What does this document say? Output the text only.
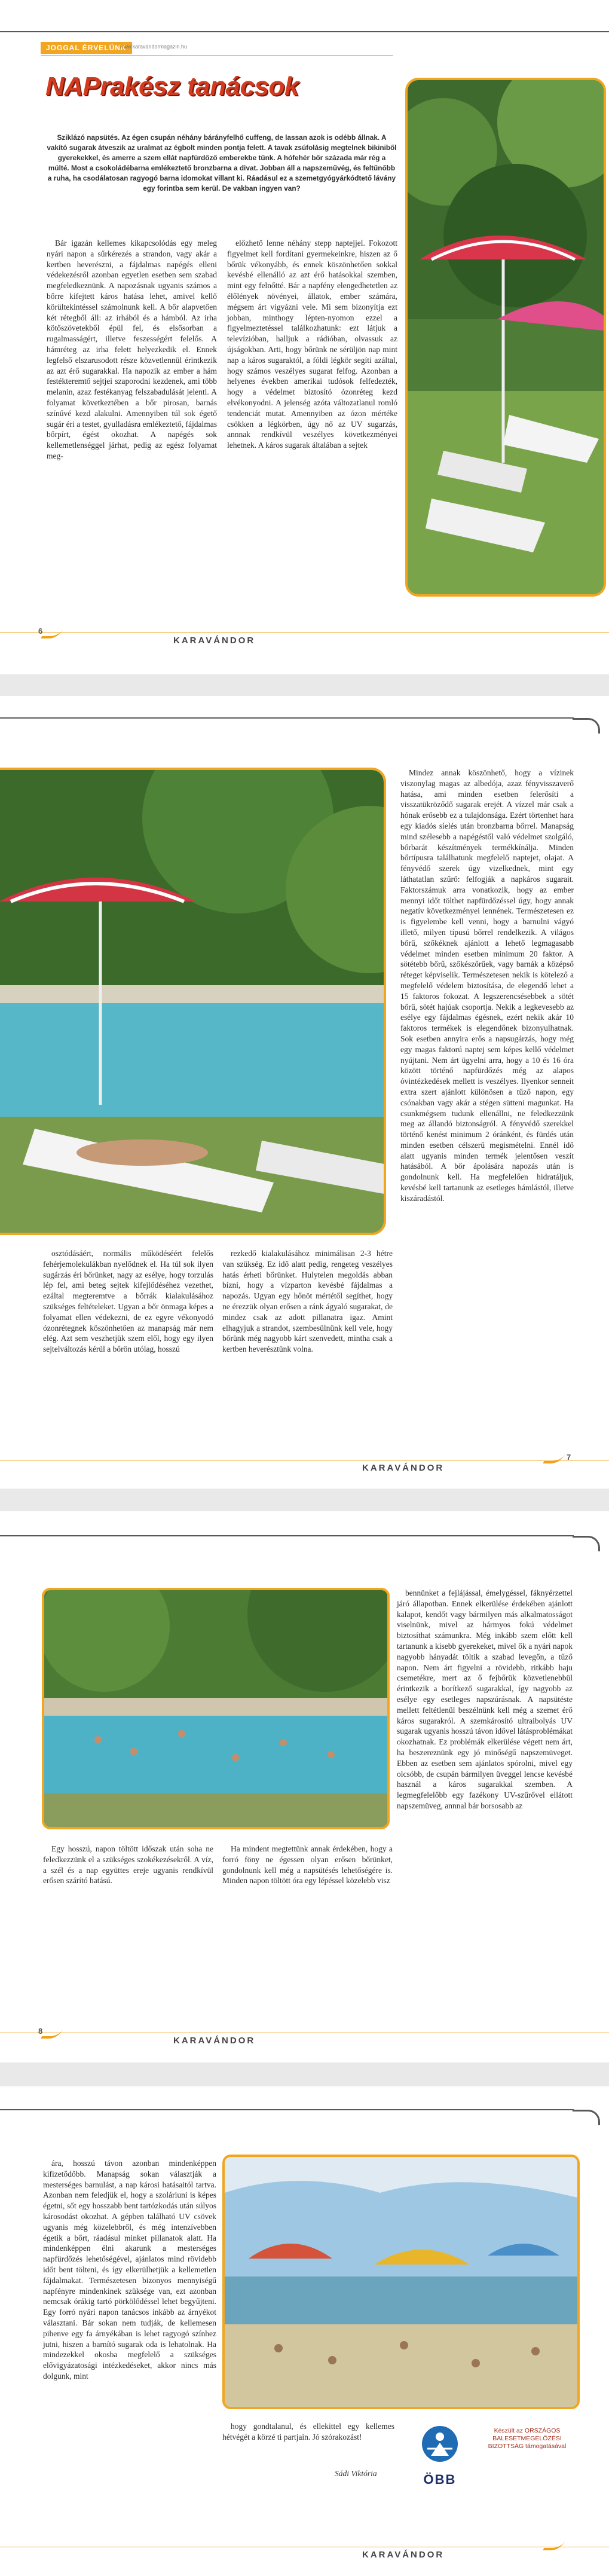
JOGGAL ÉRVELÜNK
www.karavandormagazin.hu
NAPrakész tanácsok
Sziklázó napsütés. Az égen csupán néhány bárányfelhő cuffeng, de lassan azok is odébb állnak. A vakító sugarak átveszik az uralmat az égbolt minden pontja felett. A tavak zsúfolásig megtelnek bikiniből gyerekekkel, és amerre a szem ellát napfürdőző emberekbe tűnk. A hófehér bőr százada már rég a múlté. Most a csokoládébarna emlékeztető bronzbarna a divat. Jobban áll a napszeművég, és feltűnőbb a ruha, ha csodálatosan ragyogó barna idomokat villant ki. Ráadásul ez a szemetgyógyárkódtető lávány egy forintba sem kerül. De vakban ingyen van?

Bár igazán kellemes kikapcsolódás egy meleg nyári napon a sűrkérezés a strandon, vagy akár a kertben heverészni, a fájdalmas napégés elleni védekezésről azonban egyetlen esetben sem szabad megfeledkeznünk. A napozásnak ugyanis számos a bőrre kifejtett káros hatása lehet, amivel kellő körültekintéssel számolnunk kell. A bőr alapvetően két rétegből áll: az irhából és a hámból. Az irha kötőszövetekből épül fel, és elsősorban a rugalmasságért, illetve feszességért felelős. A hámréteg az irha felett helyezkedik el. Ennek legfelső elszarusodott része közvetlennül érintkezik az azt érő sugarakkal. Ha napozik az ember a hám festékteremtő sejtjei szaporodni kezdenek, ami több melanin, azaz festékanyag felszabadulását jelenti. A folyamat következtében a bőr pirosan, barnás színűvé kezd alakulni. Amennyiben túl sok égető sugár éri a testet, gyulladásra emlékeztető, fájdalmas bőrpírt, égést okozhat. A napégés sok kellemetlenséggel járhat, pedig az egész folyamat meg-

előzhető lenne néhány stepp naptejjel. Fokozott figyelmet kell fordítani gyermekeinkre, hiszen az ő bőrük vékonyább, és ennek köszönhetően sokkal kevésbé ellenálló az azt érő hatásokkal szemben, mint egy felnőtté. Bár a napfény elengedhetetlen az élőlények növényei, állatok, ember számára, mégsem árt vigyázni vele. Mi sem bizonyítja ezt jobban, minthogy lépten-nyomon ezzel a figyelmeztetéssel találkozhatunk: ezt látjuk a televízióban, halljuk a rádióban, olvassuk az újságokban. Arti, hogy bőrünk ne sérüljön nap mint nap a káros sugaraktól, a fóldi légkör segíti azáltal, hogy számos veszélyes sugarat felfog. Azonban a helyenes években amerikai tudósok felfedezték, hogy a védelmet biztosító ózonréteg kezd elvékonyodni. A jelenség azóta változatlanul romló tendenciát mutat. Amennyiben az ózon mértéke csökken a légkörben, úgy nő az UV sugarzás, annnak rendkívül veszélyes következményei lehetnek. A káros sugarak általában a sejtek

6
KARAVÁNDOR

Mindez annak köszönhető, hogy a vízinek viszonylag magas az albedója, azaz fényvisszaverő hatása, ami minden esetben felerősíti a visszatükröződő sugarak erejét. A vízzel már csak a hónak erősebb ez a tulajdonsága. Ezért törtenhet hara egy kiadós síelés után bronzbarna bőrrel. Manapság mind szélesebb a napégéstől való védelmet szolgáló, bőrbarát készítmények termékkínálja. Minden bőrtípusra találhatunk megfelelő naptejet, olajat. A fényvédő szerek úgy vizelkednek, mint egy láthatatlan szűrő: felfogják a napkáros sugarait. Faktorszámuk arra vonatkozik, hogy az ember mennyi időt tölthet napfürdőzéssel úgy, hogy annak negatív következményei lennének. Természetesen ez is figyelembe kell venni, hogy a barnulni vágyó illető, milyen típusú bőrrel rendelkezik. A világos bőrű, szőkéknek ajánlott a lehető legmagasabb védelmet minden esetben minimum 20 faktor. A sötétebb bőrű, szőkészőrűek, vagy barnák a középső réteget képviselik. Természetesen nekik is kötelező a megfelelő védelem biztosítása, de elegendő lehet a 15 faktoros fokozat. A legszerencsésebbek a sötét bőrű, sötét hajúak csoportja. Nekik a legkevesebb az esélye egy fájdalmas égésnek, ezért nekik akár 10 faktoros termékek is elegendőnek bizonyulhatnak. Sok esetben annyira erős a napsugárzás, hogy még egy magas faktorú naptej sem képes kellő védelmet nyújtani. Nem árt ügyelni arra, hogy a 10 és 16 óra között történő napfürdőzés még az alapos óvintézkedések mellett is veszélyes. Ilyenkor senneit extra szert ajánlott különösen a tűző napon, egy csónakban vagy akár a stégen sütteni magunkat. Ha csunkmégsem tudunk ellenállni, ne feledkezzünk meg az állandó biztonságról. A fényvédő szerekkel történő kenést minimum 2 óránként, és fürdés után minden esetben célszerű megismételni. Ennél idő alatt ugyanis minden termék jelentősen veszít hatásából. A bőr ápolására napozás után is gondolnunk kell. Ha megfelelően hidratáljuk, kevésbé kell tartanunk az esetleges hámlástól, illetve kiszáradástól.

osztódásáért, normális működéséért felelős fehérjemolekulákban nyelődnek el. Ha túl sok ilyen sugárzás éri bőrünket, nagy az esélye, hogy torzulás lép fel, ami beteg sejtek kifejlődéséhez vezethet, ezáltal megteremtve a bőrrák kialakulásához szükséges feltételeket. Ugyan a bőr önmaga képes a folyamat ellen védekezni, de ez egyre vékonyodó ózonrétegnek köszönhetően az manapság már nem elég. Azt sem veszhetjük szem elől, hogy egy ilyen sejtelváltozás kérül a bőrön utólag, hosszú

rezkedő kialakulásához minimálisan 2-3 hétre van szükség. Ez idő alatt pedig, rengeteg veszélyes hatás érheti bőrünket. Hulytelen megoldás abban bízni, hogy a vízparton kevésbé fájdalmas a napozás. Ugyan egy hőnöt mértétől segíthet, hogy ne érezzük olyan erősen a ránk ágyaló sugarakat, de mindez csak az adott pillanatra igaz. Amint elhagyjuk a strandot, szembesülnünk kell vele, hogy bőrünk még nagyobb kárt szenvedett, mintha csak a kertben heverésztünk volna.

KARAVÁNDOR
7

bennünket a fejlájással, émelygéssel, fáknyérzettel járó állapotban. Ennek elkerülése érdekében ajánlott kalapot, kendőt vagy bármilyen más alkalmatosságot viselnünk, mivel az hármyos fokú védelmet biztosíthat számunkra. Még inkább szem előtt kell tartanunk a kisebb gyerekeket, mivel ők a nyári napok nagyobb hányadát töltik a szabad levegőn, a tűző napon. Nem árt figyelni a rövidebb, ritkább haju csemetékre, mert az ő fejbőrük közvetlenebbül érintkezik a borítkező sugarakkal, így nagyobb az esélye egy esetleges napszúrásnak. A napsütéste mellett feltétlenül beszélnünk kell még a szemet érő káros sugarakról. A szemkárosító ultraibolyás UV sugarak ugyanis hosszú távon idővel látásproblémákat okozhatnak. Ez problémák elkerülése végett nem árt, ha beszereznünk egy jó minőségű napszemüveget. Ebben az esetben sem ajánlatos spórolni, mivel egy olcsóbb, de csupán bármilyen üveggel lencse kevésbé használ a káros sugarakkal szemben. A legmegfelelőbb egy fazékony UV-szűrővel ellátott napszemüveg, annnal bár borsosabb az

Egy hosszú, napon töltött időszak után soha ne feledkezzünk el a szükséges szokékezésekről. A víz, a szél és a nap együttes ereje ugyanis rendkívül erősen szárító hatású.

Ha mindent megtettünk annak érdekében, hogy a forró föny ne égessen olyan erősen bőrünket, gondolnunk kell még a napsütésés lehetőségére is. Minden napon töltött óra egy lépéssel közelebb visz

8
KARAVÁNDOR

ára, hosszú távon azonban mindenképpen kifizetődőbb. Manapság sokan választják a mesterséges barnulást, a nap károsi hatásaitól tartva. Azonban nem feledjük el, hogy a szoláriuni is képes égetni, sőt egy hosszabb bent tartózkodás után súlyos károsodást okozhat. A gépben található UV csövek ugyanis még közelebbről, és még intenzívebben égetik a bőrt, ráadásul minket pillanatok alatt. Ha mindenképpen élni akarunk a mesterséges napfürdőzés lehetőségével, ajánlatos mind rövidebb időt bent tölteni, és így elkerülhetjük a kellemetlen fájdalmakat. Természetesen bizonyos mennyiségű napfényre mindenkinek szüksége van, ezt azonban nemcsak órákig tartó pörkölődéssel lehet begyűjteni. Egy forró nyári napon tanácsos inkább az árnyékot választani. Bár sokan nem tudják, de kellemesen pihenve egy fa árnyékában is lehet ragyogó színhez jutni, hiszen a barnító sugarak oda is lehatolnak. Ha mindezekkel okosba megfelelő a szükséges elővigyázatosági intézkedéseket, akkor nincs más dolgunk, mint

hogy gondtalanul, és ellekittel egy kellemes hétvégét a körzé ti partjain. Jó szórakozást!

Sádi Viktória	ÖBB
Készült az ORSZÁGOS BALESETMEGELŐZÉSI BIZOTTSÁG támogatásával
KARAVÁNDOR
